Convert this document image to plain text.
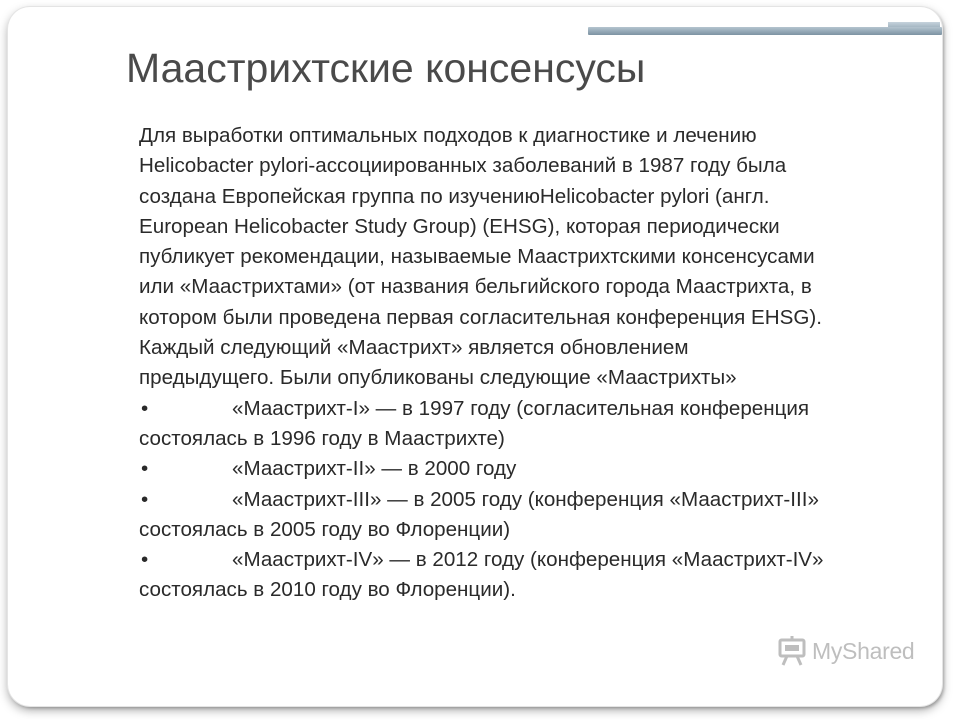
Маастрихтские консенсусы
Для выработки оптимальных подходов к диагностике и лечению
Helicobacter pylori-ассоциированных заболеваний в 1987 году была
создана Европейская группа по изучениюHelicobacter pylori (англ.
European Helicobacter Study Group) (EHSG), которая периодически
публикует рекомендации, называемые Маастрихтскими консенсусами
или «Маастрихтами» (от названия бельгийского города Маастрихта, в
котором были проведена первая согласительная конференция EHSG).
Каждый следующий «Маастрихт» является обновлением
предыдущего. Были опубликованы следующие «Маастрихты»
•	«Маастрихт-I» — в 1997 году (согласительная конференция
состоялась в 1996 году в Маастрихте)
•	«Маастрихт-II» — в 2000 году
•	«Маастрихт-III» — в 2005 году (конференция «Маастрихт-III»
состоялась в 2005 году во Флоренции)
•	«Маастрихт-IV» — в 2012 году (конференция «Маастрихт-IV»
состоялась в 2010 году во Флоренции).
MyShared
